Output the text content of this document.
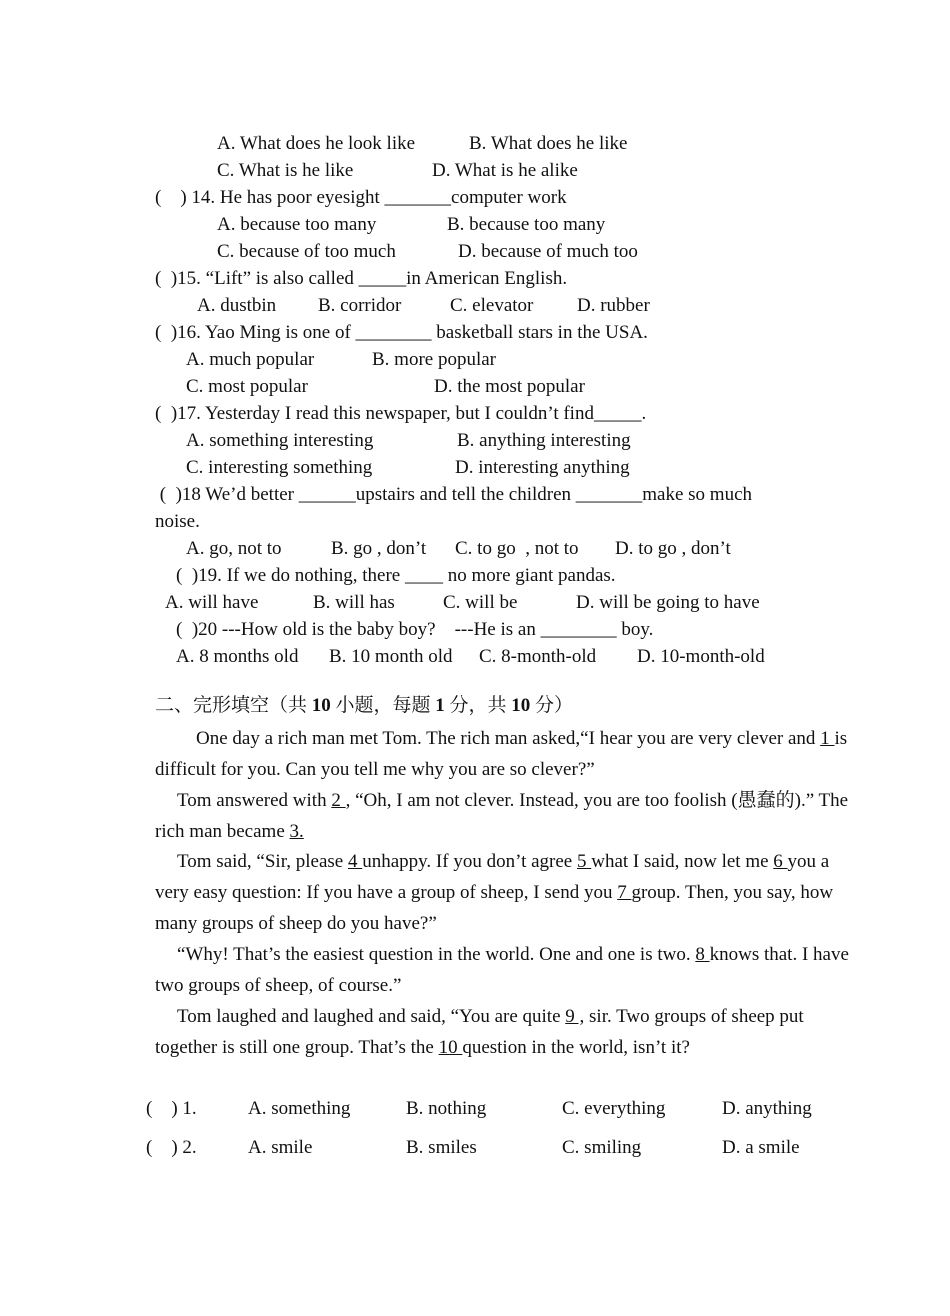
A. What does he look like	B. What does he like
C. What is he like	D. What is he alike
(    ) 14. He has poor eyesight _______computer work
A. because too many	B. because too many
C. because of too much	D. because of much too
(  )15. “Lift” is also called _____in American English.
A. dustbin B. corridor	C. elevator D. rubber
(  )16. Yao Ming is one of ________ basketball stars in the USA.
A. much popular	B. more popular
C. most popular	D. the most popular
(  )17. Yesterday I read this newspaper, but I couldn’t find_____.
A. something interesting	B. anything interesting
C. interesting something	D. interesting anything
(  )18 We’d better ______upstairs and tell the children _______make so much
noise.
A. go, not to	B. go , don’t C. to go  , not to D. to go , don’t
(  )19. If we do nothing, there ____ no more giant pandas.
A. will have	B. will has	C. will be	D. will be going to have
(  )20 ---How old is the baby boy?    ---He is an ________ boy.
A. 8 months old B. 10 month old C. 8-month-old D. 10-month-old
二、完形填空（共 10 小题，每题 1 分，共 10 分）
One day a rich man met Tom. The rich man asked,“I hear you are very clever and 1 is difficult for you. Can you tell me why you are so clever?”
Tom answered with 2 , “Oh, I am not clever. Instead, you are too foolish (愚蠢的).” The rich man became 3.
Tom said, “Sir, please 4 unhappy. If you don’t agree 5 what I said, now let me 6 you a very easy question: If you have a group of sheep, I send you 7 group. Then, you say, how many groups of sheep do you have?”
“Why! That’s the easiest question in the world. One and one is two. 8 knows that. I have two groups of sheep, of course.”
Tom laughed and laughed and said, “You are quite 9 , sir. Two groups of sheep put together is still one group. That’s the 10 question in the world, isn’t it?
(    ) 1.	A. something	B. nothing	C. everything	D. anything
(    ) 2.	A. smile	B. smiles	C. smiling	D. a smile
